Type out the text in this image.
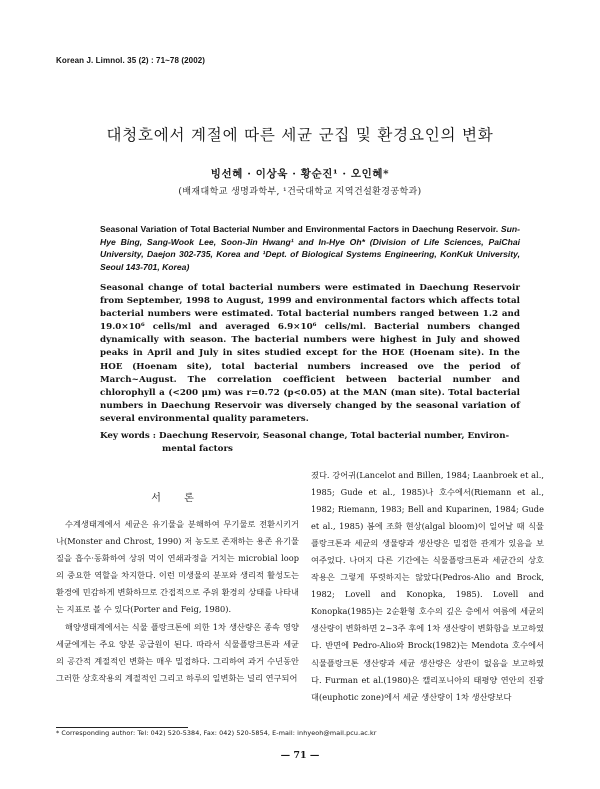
Korean J. Limnol. 35 (2) : 71~78 (2002)
대청호에서 계절에 따른 세균 군집 및 환경요인의 변화
빙선혜 · 이상욱 · 황순진¹ · 오인혜*
(배재대학교 생명과학부, ¹건국대학교 지역건설환경공학과)
Seasonal Variation of Total Bacterial Number and Environmental Factors in Daechung Reservoir. Sun-Hye Bing, Sang-Wook Lee, Soon-Jin Hwang¹ and In-Hye Oh* (Division of Life Sciences, PaiChai University, Daejon 302-735, Korea and ¹Dept. of Biological Systems Engineering, KonKuk University, Seoul 143-701, Korea)
Seasonal change of total bacterial numbers were estimated in Daechung Reservoir from September, 1998 to August, 1999 and environmental factors which affects total bacterial numbers were estimated. Total bacterial numbers ranged between 1.2 and 19.0×10⁶ cells/ml and averaged 6.9×10⁶ cells/ml. Bacterial numbers changed dynamically with season. The bacterial numbers were highest in July and showed peaks in April and July in sites studied except for the HOE (Hoenam site). In the HOE (Hoenam site), total bacterial numbers increased ove the period of March~August. The correlation coefficient between bacterial number and chlorophyll a (<200 μm) was r=0.72 (p<0.05) at the MAN (man site). Total bacterial numbers in Daechung Reservoir was diversely changed by the seasonal variation of several environmental quality parameters.
Key words : Daechung Reservoir, Seasonal change, Total bacterial number, Environ-
mental factors
서 론

수계생태계에서 세균은 유기물을 분해하여 무기물로 전환시키거나(Monster and Chrost, 1990) 저 농도로 존재하는 용존 유기물질을 흡수·동화하여 상위 먹이 연쇄과정을 거치는 microbial loop의 중요한 역할을 차지한다. 이런 미생물의 분포와 생리적 활성도는 환경에 민감하게 변화하므로 간접적으로 주위 환경의 상태를 나타내는 지표로 볼 수 있다(Porter and Feig, 1980).

해양생태계에서는 식물 플랑크톤에 의한 1차 생산량은 종속 영양 세균에게는 주요 양분 공급원이 된다. 따라서 식물플랑크톤과 세균의 공간적 계절적인 변화는 매우 밀접하다. 그리하여 과거 수년동안 그러한 상호작용의 계절적인 그리고 하루의 일변화는 널리 연구되어

졌다. 강어귀(Lancelot and Billen, 1984; Laanbroek et al., 1985; Gude et al., 1985)나 호수에서(Riemann et al., 1982; Riemann, 1983; Bell and Kuparinen, 1984; Gude et al., 1985) 봄에 조화 현상(algal bloom)이 일어날 때 식물플랑크톤과 세균의 생물량과 생산량은 밀접한 관계가 있음을 보여주었다. 나머지 다른 기간에는 식물플랑크톤과 세균간의 상호작용은 그렇게 뚜렷하지는 않았다(Pedros-Alio and Brock, 1982; Lovell and Konopka, 1985). Lovell and Konopka(1985)는 2순환형 호수의 깊은 층에서 여름에 세균의 생산량이 변화하면 2~3주 후에 1차 생산량이 변화함을 보고하였다. 반면에 Pedro-Alio와 Brock(1982)는 Mendota 호수에서 식물플랑크톤 생산량과 세균 생산량은 상관이 없음을 보고하였다. Furman et al.(1980)은 캘리포니아의 태평양 연안의 진광대(euphotic zone)에서 세균 생산량이 1차 생산량보다

* Corresponding author: Tel: 042) 520-5384, Fax: 042) 520-5854, E-mail: inhyeoh@mail.pcu.ac.kr
— 71 —
